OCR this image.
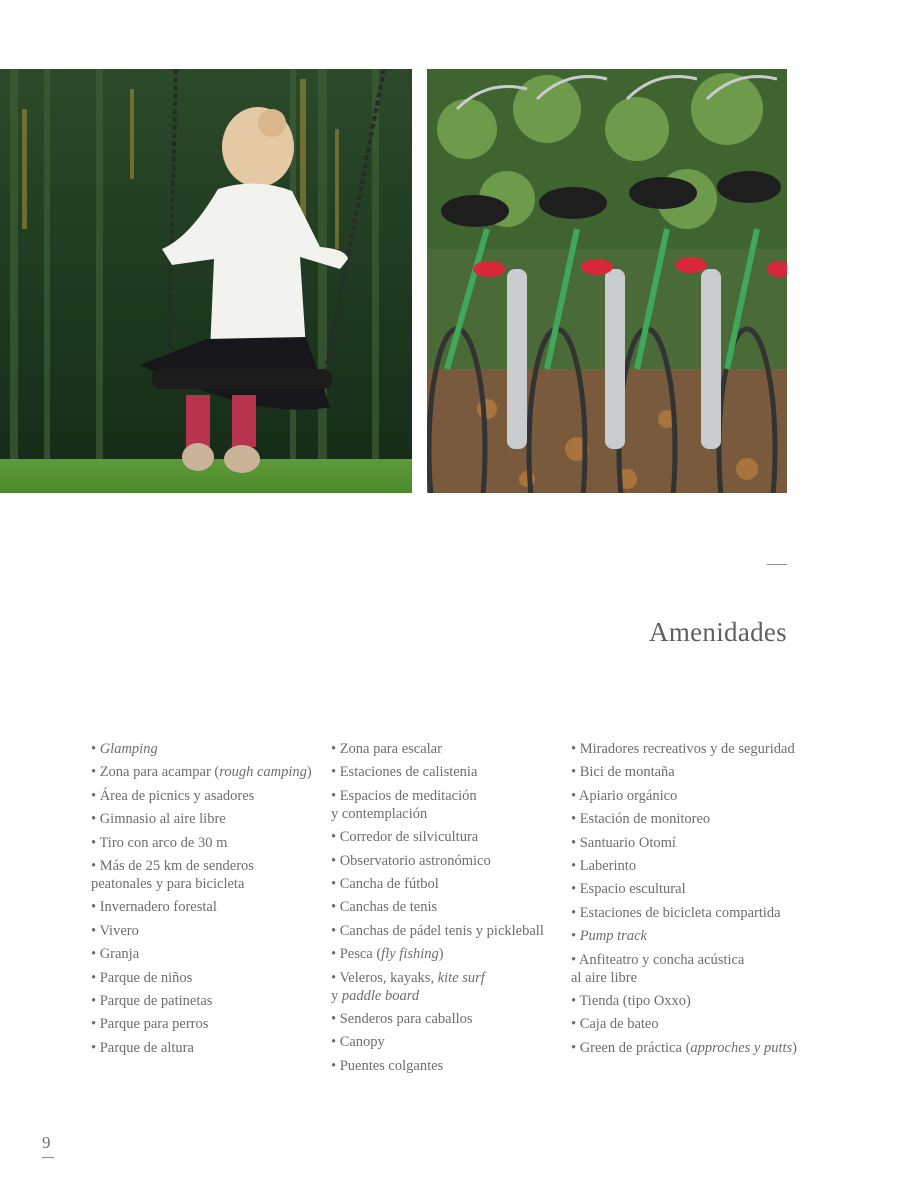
Amenidades
• Glamping
• Zona para acampar (rough camping)
• Área de picnics y asadores
• Gimnasio al aire libre
• Tiro con arco de 30 m
• Más de 25 km de senderos
peatonales y para bicicleta
• Invernadero forestal
• Vivero
• Granja
• Parque de niños
• Parque de patinetas
• Parque para perros
• Parque de altura
• Zona para escalar
• Estaciones de calistenia
• Espacios de meditación
y contemplación
• Corredor de silvicultura
• Observatorio astronómico
• Cancha de fútbol
• Canchas de tenis
• Canchas de pádel tenis y pickleball
• Pesca (fly fishing)
• Veleros, kayaks, kite surf
y paddle board
• Senderos para caballos
• Canopy
• Puentes colgantes
• Miradores recreativos y de seguridad
• Bici de montaña
• Apiario orgánico
• Estación de monitoreo
• Santuario Otomí
• Laberinto
• Espacio escultural
• Estaciones de bicicleta compartida
• Pump track
• Anfiteatro y concha acústica
al aire libre
• Tienda (tipo Oxxo)
• Caja de bateo
• Green de práctica (approches y putts)
9
